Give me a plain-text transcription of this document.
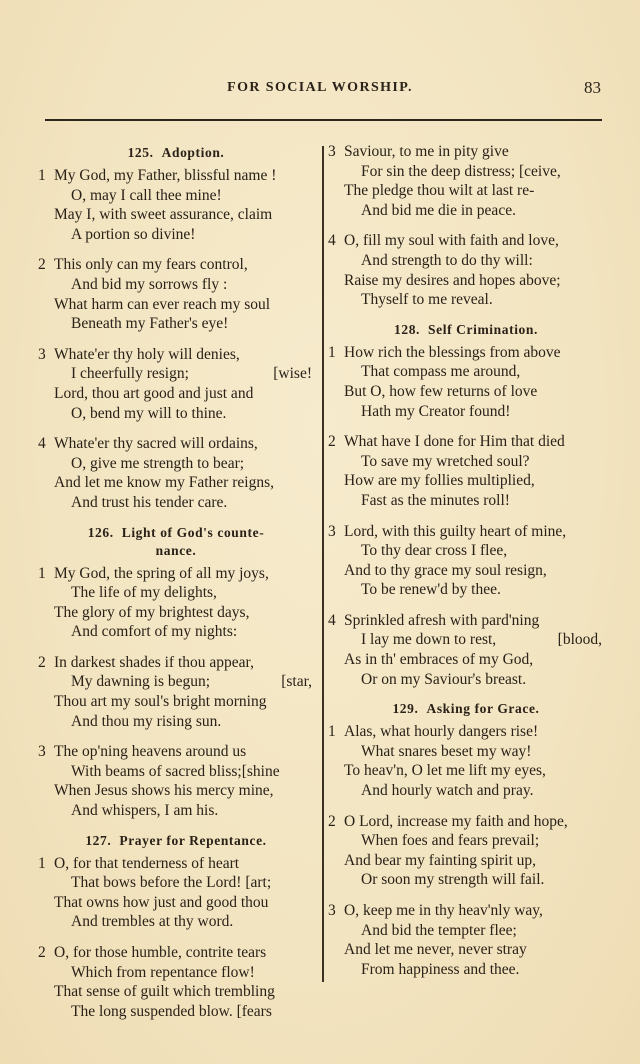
FOR SOCIAL WORSHIP.	83
125. Adoption.
1 My God, my Father, blissful name !
O, may I call thee mine!
May I, with sweet assurance, claim
A portion so divine!
2 This only can my fears control,
And bid my sorrows fly :
What harm can ever reach my soul
Beneath my Father's eye!
3 Whate'er thy holy will denies,
I cheerfully resign;	[wise!
Lord, thou art good and just and
O, bend my will to thine.
4 Whate'er thy sacred will ordains,
O, give me strength to bear;
And let me know my Father reigns,
And trust his tender care.
126. Light of God's counte-
nance.
1 My God, the spring of all my joys,
The life of my delights,
The glory of my brightest days,
And comfort of my nights:
2 In darkest shades if thou appear,
My dawning is begun;	[star,
Thou art my soul's bright morning
And thou my rising sun.
3 The op'ning heavens around us
With beams of sacred bliss;[shine
When Jesus shows his mercy mine,
And whispers, I am his.
127. Prayer for Repentance.
1 O, for that tenderness of heart
That bows before the Lord! [art;
That owns how just and good thou
And trembles at thy word.
2 O, for those humble, contrite tears
Which from repentance flow!
That sense of guilt which trembling
The long suspended blow. [fears
3 Saviour, to me in pity give
For sin the deep distress; [ceive,
The pledge thou wilt at last re-
And bid me die in peace.
4 O, fill my soul with faith and love,
And strength to do thy will:
Raise my desires and hopes above;
Thyself to me reveal.
128. Self Crimination.
1 How rich the blessings from above
That compass me around,
But O, how few returns of love
Hath my Creator found!
2 What have I done for Him that died
To save my wretched soul?
How are my follies multiplied,
Fast as the minutes roll!
3 Lord, with this guilty heart of mine,
To thy dear cross I flee,
And to thy grace my soul resign,
To be renew'd by thee.
4 Sprinkled afresh with pard'ning
I lay me down to rest,	[blood,
As in th' embraces of my God,
Or on my Saviour's breast.
129. Asking for Grace.
1 Alas, what hourly dangers rise!
What snares beset my way!
To heav'n, O let me lift my eyes,
And hourly watch and pray.
2 O Lord, increase my faith and hope,
When foes and fears prevail;
And bear my fainting spirit up,
Or soon my strength will fail.
3 O, keep me in thy heav'nly way,
And bid the tempter flee;
And let me never, never stray
From happiness and thee.
